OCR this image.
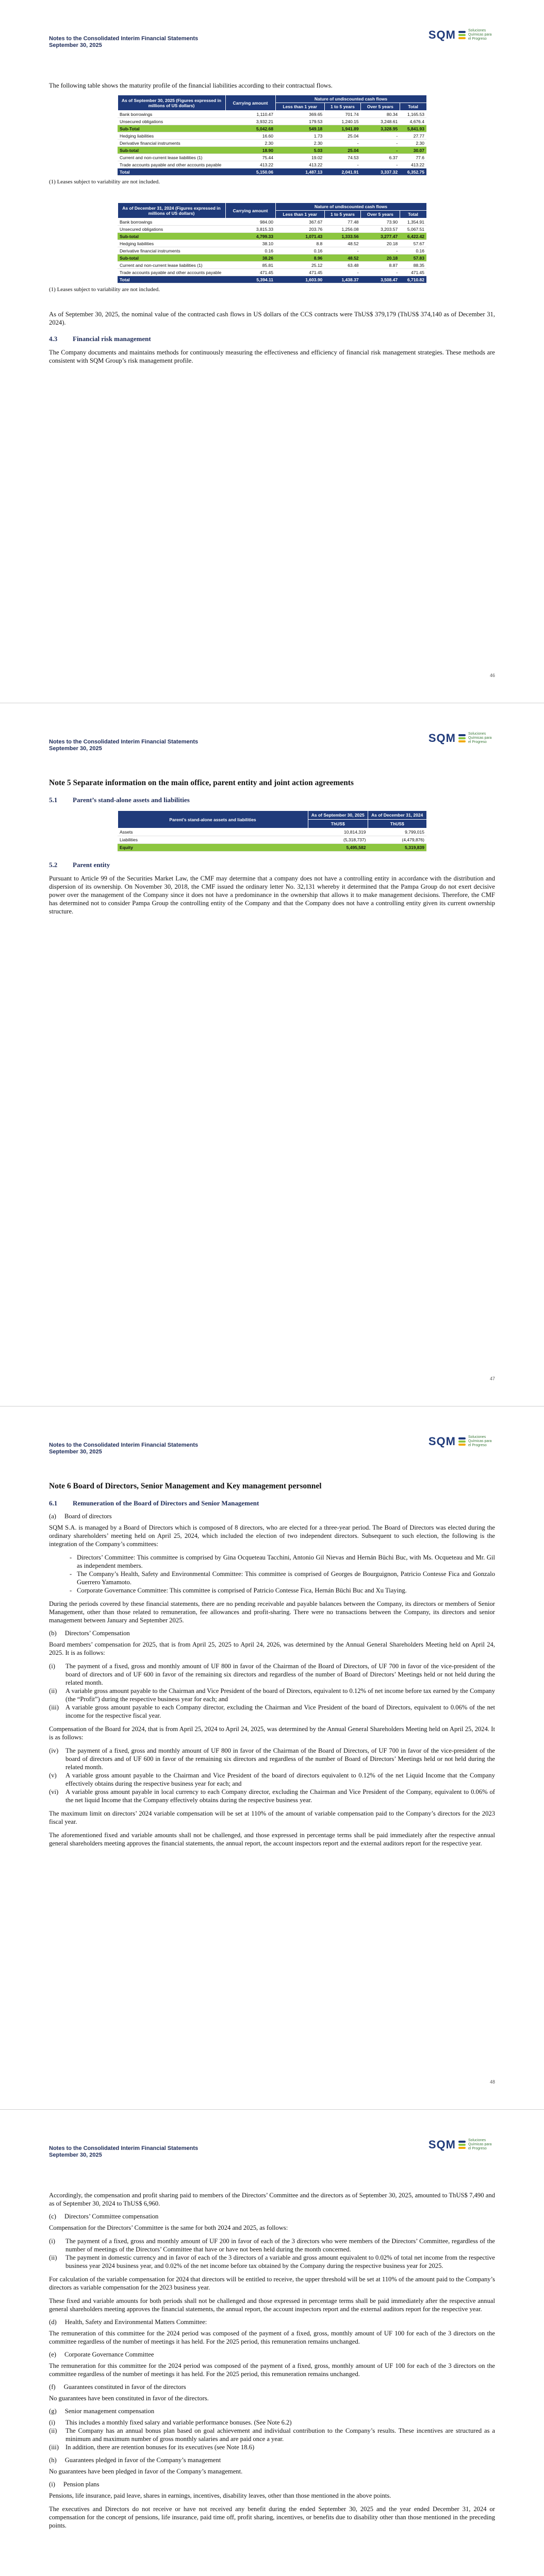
Notes to the Consolidated Interim Financial Statements
September 30, 2025
SQM	Soluciones Químicas para el Progreso

The following table shows the maturity profile of the financial liabilities according to their contractual flows.

As of September 30, 2025 (Figures expressed in millions of US dollars)	Carrying amount	Nature of undiscounted cash flows			
		Less than 1 year	1 to 5 years	Over 5 years	Total
Bank borrowings	1,110.47	369.65	701.74	80.34	1,165.53
Unsecured obligations	3,932.21	179.53	1,240.15	3,248.61	4,676.4
Sub-Total	5,042.68	549.18	1,941.89	3,328.95	5,841.93
Hedging liabilities	16.60	1.73	25.04	-	27.77
Derivative financial instruments	2.30	2.30	-	-	2.30
Sub-total	18.90	5.03	25.04	-	30.07
Current and non-current lease liabilities (1)	75.44	19.02	74.53	6.37	77.6
Trade accounts payable and other accounts payable	413.22	413.22	-	-	413.22
Total	5,150.06	1,487.13	2,041.91	3,337.32	6,352.75
(1) Leases subject to variability are not included.
As of December 31, 2024 (Figures expressed in millions of US dollars)	Carrying amount	Nature of undiscounted cash flows			
		Less than 1 year	1 to 5 years	Over 5 years	Total
Bank borrowings	984.00	367.67	77.48	73.90	1,354.91
Unsecured obligations	3,815.33	203.76	1,256.08	3,203.57	5,067.51
Sub-total	4,799.33	1,071.43	1,333.56	3,277.47	6,422.42
Hedging liabilities	38.10	8.8	48.52	20.18	57.67
Derivative financial instruments	0.16	0.16	-	-	0.16
Sub-total	38.26	8.96	48.52	20.18	57.83
Current and non-current lease liabilities (1)	85.81	25.12	63.48	8.87	88.35
Trade accounts payable and other accounts payable	471.45	471.45	-	-	471.45
Total	5,394.11	1,603.90	1,438.37	3,508.47	6,710.82
(1) Leases subject to variability are not included.

As of September 30, 2025, the nominal value of the contracted cash flows in US dollars of the CCS contracts were ThUS$ 379,179 (ThUS$ 374,140 as of December 31, 2024).

4.3 Financial risk management

The Company documents and maintains methods for continuously measuring the effectiveness and efficiency of financial risk management strategies. These methods are consistent with SQM Group’s risk management profile.

46
Notes to the Consolidated Interim Financial Statements
September 30, 2025
SQM	Soluciones Químicas para el Progreso
Note 5 Separate information on the main office, parent entity and joint action agreements
5.1 Parent’s stand-alone assets and liabilities
Parent’s stand-alone assets and liabilities	As of September 30, 2025	As of December 31, 2024
	ThUS$	ThUS$
Assets	10,814,319	9,799,015
Liabilities	(5,318,737)	(4,479,876)
Equity	5,495,582	5,319,839
5.2 Parent entity

Pursuant to Article 99 of the Securities Market Law, the CMF may determine that a company does not have a controlling entity in accordance with the distribution and dispersion of its ownership. On November 30, 2018, the CMF issued the ordinary letter No. 32,131 whereby it determined that the Pampa Group do not exert decisive power over the management of the Company since it does not have a predominance in the ownership that allows it to make management decisions. Therefore, the CMF has determined not to consider Pampa Group the controlling entity of the Company and that the Company does not have a controlling entity given its current ownership structure.

47
Notes to the Consolidated Interim Financial Statements
September 30, 2025
SQM	Soluciones Químicas para el Progreso
Note 6 Board of Directors, Senior Management and Key management personnel
6.1 Remuneration of the Board of Directors and Senior Management
(a) Board of directors

SQM S.A. is managed by a Board of Directors which is composed of 8 directors, who are elected for a three-year period. The Board of Directors was elected during the ordinary shareholders’ meeting held on April 25, 2024, which included the election of two independent directors. Subsequent to such election, the following is the integration of the Company’s committees:

- Directors’ Committee: This committee is comprised by Gina Ocqueteau Tacchini, Antonio Gil Nievas and Hernán Büchi Buc, with Ms. Ocqueteau and Mr. Gil as independent members.
- The Company’s Health, Safety and Environmental Committee: This committee is comprised of Georges de Bourguignon, Patricio Contesse Fica and Gonzalo Guerrero Yamamoto.
- Corporate Governance Committee: This committee is comprised of Patricio Contesse Fica, Hernán Büchi Buc and Xu Tiaying.

During the periods covered by these financial statements, there are no pending receivable and payable balances between the Company, its directors or members of Senior Management, other than those related to remuneration, fee allowances and profit-sharing. There were no transactions between the Company, its directors and senior management between January and September 2025.

(b) Directors’ Compensation

Board members’ compensation for 2025, that is from April 25, 2025 to April 24, 2026, was determined by the Annual General Shareholders Meeting held on April 24, 2025. It is as follows:

(i)	The payment of a fixed, gross and monthly amount of UF 800 in favor of the Chairman of the Board of Directors, of UF 700 in favor of the vice-president of the board of directors and of UF 600 in favor of the remaining six directors and regardless of the number of Board of Directors’ Meetings held or not held during the related month.
(ii)	A variable gross amount payable to the Chairman and Vice President of the board of Directors, equivalent to 0.12% of net income before tax earned by the Company (the “Profit”) during the respective business year for each; and
(iii) A variable gross amount payable to each Company director, excluding the Chairman and Vice President of the board of Directors, equivalent to 0.06% of the net income for the respective fiscal year.

Compensation of the Board for 2024, that is from April 25, 2024 to April 24, 2025, was determined by the Annual General Shareholders Meeting held on April 25, 2024. It is as follows:

(iv)	The payment of a fixed, gross and monthly amount of UF 800 in favor of the Chairman of the Board of Directors, of UF 700 in favor of the vice-president of the board of directors and of UF 600 in favor of the remaining six directors and regardless of the number of Board of Directors’ Meetings held or not held during the related month.
(v)	A variable gross amount payable to the Chairman and Vice President of the board of directors equivalent to 0.12% of the net Liquid Income that the Company effectively obtains during the respective business year for each; and
(vi)	A variable gross amount payable in local currency to each Company director, excluding the Chairman and Vice President of the Company, equivalent to 0.06% of the net liquid Income that the Company effectively obtains during the respective business year.

The maximum limit on directors’ 2024 variable compensation will be set at 110% of the amount of variable compensation paid to the Company’s directors for the 2023 fiscal year.

The aforementioned fixed and variable amounts shall not be challenged, and those expressed in percentage terms shall be paid immediately after the respective annual general shareholders meeting approves the financial statements, the annual report, the account inspectors report and the external auditors report for the respective year.

48
Notes to the Consolidated Interim Financial Statements
September 30, 2025
SQM	Soluciones Químicas para el Progreso

Accordingly, the compensation and profit sharing paid to members of the Directors’ Committee and the directors as of September 30, 2025, amounted to ThUS$ 7,490 and as of September 30, 2024 to ThUS$ 6,960.

(c) Directors’ Committee compensation

Compensation for the Directors’ Committee is the same for both 2024 and 2025, as follows:

(i)	The payment of a fixed, gross and monthly amount of UF 200 in favor of each of the 3 directors who were members of the Directors’ Committee, regardless of the number of meetings of the Directors’ Committee that have or have not been held during the month concerned.
(ii)	The payment in domestic currency and in favor of each of the 3 directors of a variable and gross amount equivalent to 0.02% of total net income from the respective business year 2024 business year, and 0.02% of the net income before tax obtained by the Company during the respective business year for 2025.

For calculation of the variable compensation for 2024 that directors will be entitled to receive, the upper threshold will be set at 110% of the amount paid to the Company’s directors as variable compensation for the 2023 business year.

These fixed and variable amounts for both periods shall not be challenged and those expressed in percentage terms shall be paid immediately after the respective annual general shareholders meeting approves the financial statements, the annual report, the account inspectors report and the external auditors report for the respective year.

(d) Health, Safety and Environmental Matters Committee:

The remuneration of this committee for the 2024 period was composed of the payment of a fixed, gross, monthly amount of UF 100 for each of the 3 directors on the committee regardless of the number of meetings it has held. For the 2025 period, this remuneration remains unchanged.

(e) Corporate Governance Committee

The remuneration for this committee for the 2024 period was composed of the payment of a fixed, gross, monthly amount of UF 100 for each of the 3 directors on the committee regardless of the number of meetings it has held. For the 2025 period, this remuneration remains unchanged.

(f) Guarantees constituted in favor of the directors

No guarantees have been constituted in favor of the directors.

(g) Senior management compensation
(i)	This includes a monthly fixed salary and variable performance bonuses. (See Note 6.2)
(ii)	The Company has an annual bonus plan based on goal achievement and individual contribution to the Company’s results. These incentives are structured as a minimum and maximum number of gross monthly salaries and are paid once a year.
(iii) In addition, there are retention bonuses for its executives (see Note 18.6)
(h) Guarantees pledged in favor of the Company’s management

No guarantees have been pledged in favor of the Company’s management.

(i) Pension plans

Pensions, life insurance, paid leave, shares in earnings, incentives, disability leaves, other than those mentioned in the above points.

The executives and Directors do not receive or have not received any benefit during the ended September 30, 2025 and the year ended December 31, 2024 or compensation for the concept of pensions, life insurance, paid time off, profit sharing, incentives, or benefits due to disability other than those mentioned in the preceding points.
